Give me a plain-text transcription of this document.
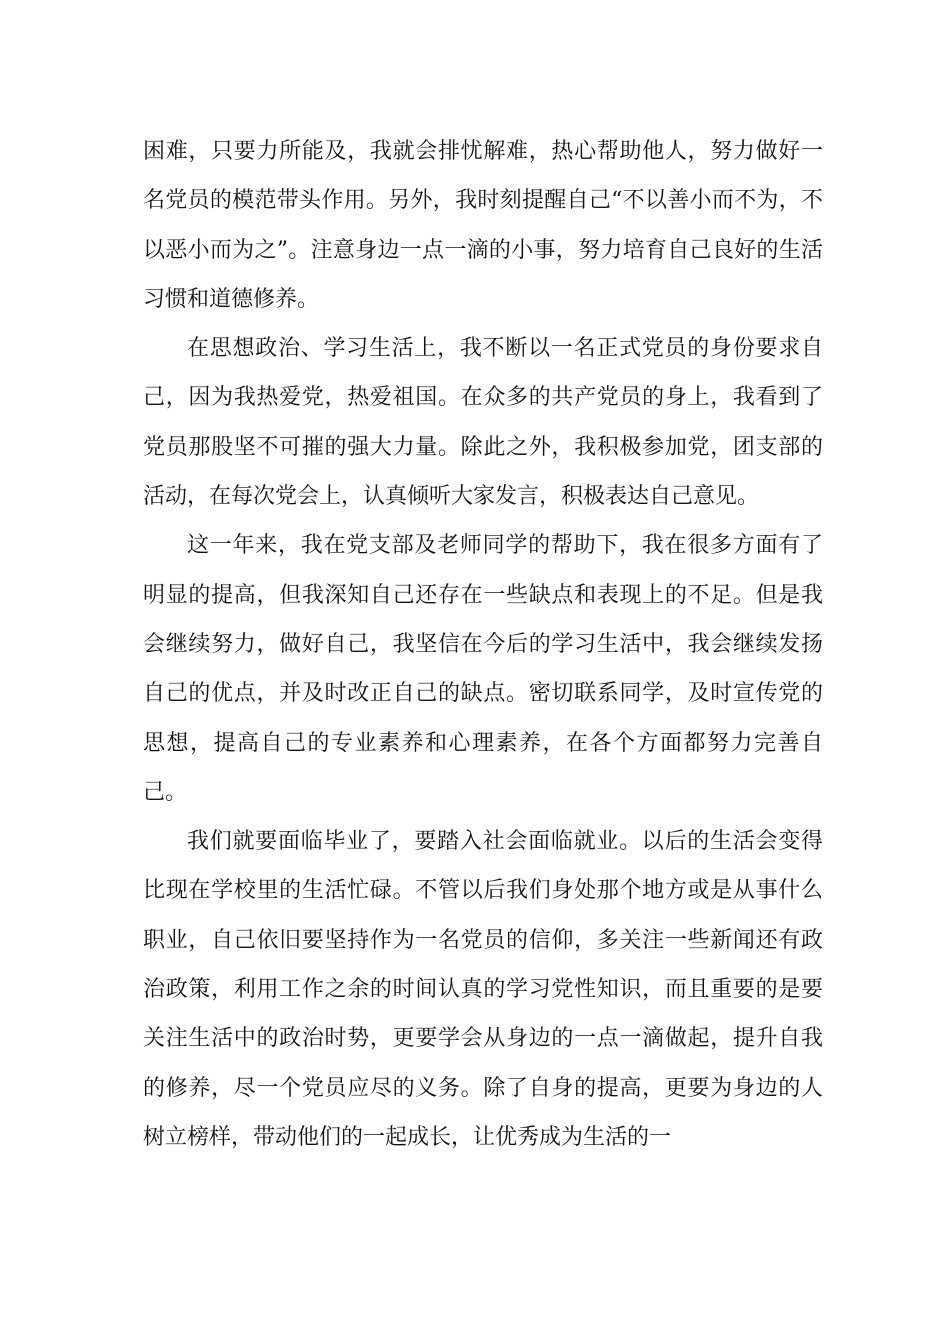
困难，只要力所能及，我就会排忧解难，热心帮助他人，努力做好一名党员的模范带头作用。另外，我时刻提醒自己“不以善小而不为，不以恶小而为之”。注意身边一点一滴的小事，努力培育自己良好的生活习惯和道德修养。

在思想政治、学习生活上，我不断以一名正式党员的身份要求自己，因为我热爱党，热爱祖国。在众多的共产党员的身上，我看到了党员那股坚不可摧的强大力量。除此之外，我积极参加党，团支部的活动，在每次党会上，认真倾听大家发言，积极表达自己意见。

这一年来，我在党支部及老师同学的帮助下，我在很多方面有了明显的提高，但我深知自己还存在一些缺点和表现上的不足。但是我会继续努力，做好自己，我坚信在今后的学习生活中，我会继续发扬自己的优点，并及时改正自己的缺点。密切联系同学，及时宣传党的思想，提高自己的专业素养和心理素养，在各个方面都努力完善自己。

我们就要面临毕业了，要踏入社会面临就业。以后的生活会变得比现在学校里的生活忙碌。不管以后我们身处那个地方或是从事什么职业，自己依旧要坚持作为一名党员的信仰，多关注一些新闻还有政治政策，利用工作之余的时间认真的学习党性知识，而且重要的是要关注生活中的政治时势，更要学会从身边的一点一滴做起，提升自我的修养，尽一个党员应尽的义务。除了自身的提高，更要为身边的人树立榜样，带动他们的一起成长，让优秀成为生活的一
